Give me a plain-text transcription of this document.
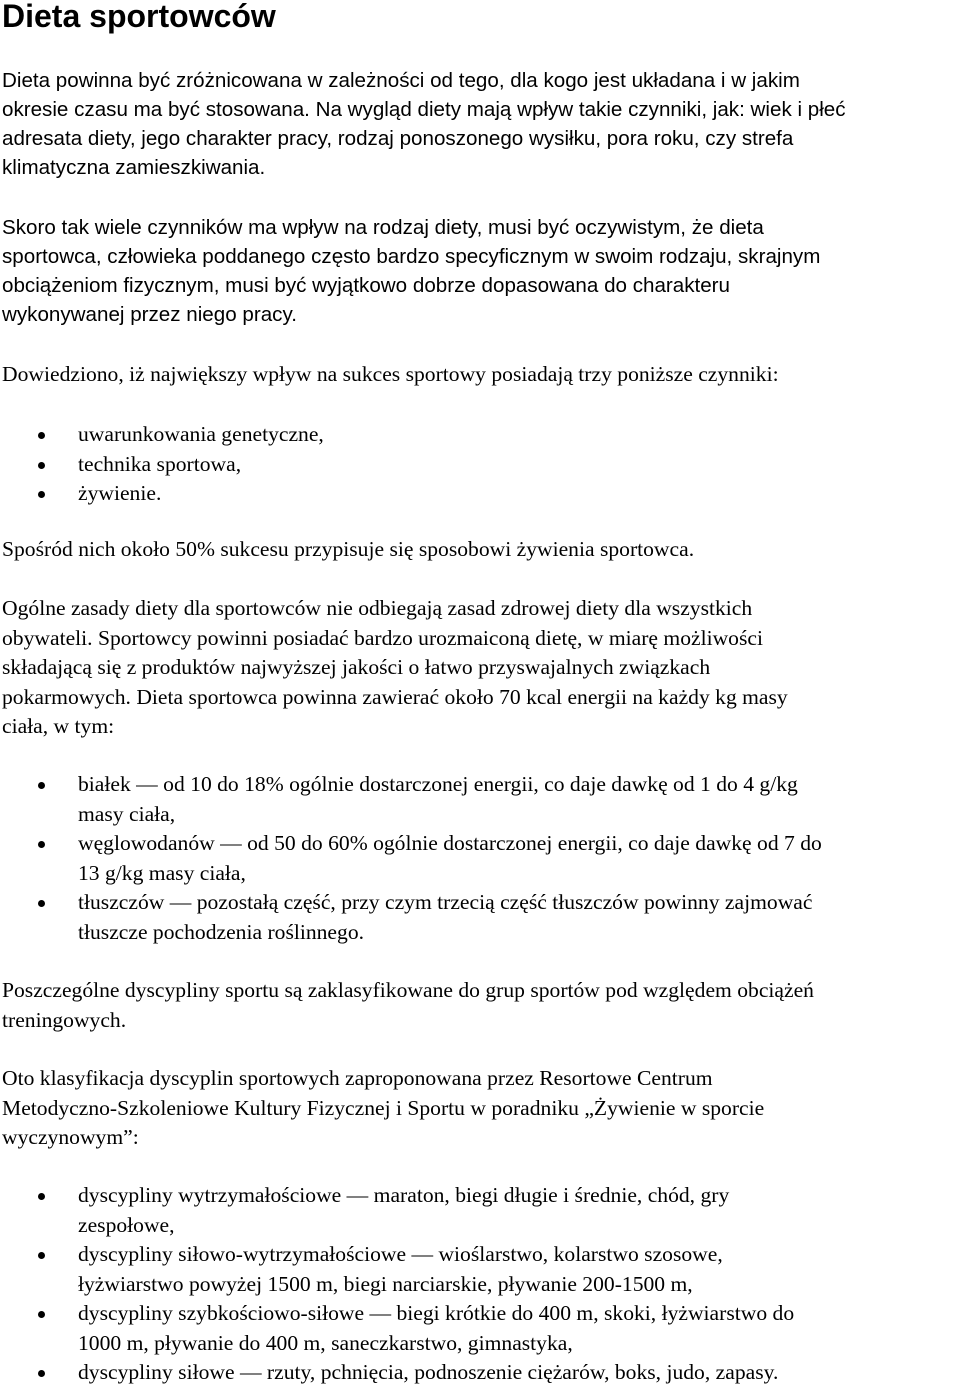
Dieta sportowców

Dieta powinna być zróżnicowana w zależności od tego, dla kogo jest układana i w jakim
okresie czasu ma być stosowana. Na wygląd diety mają wpływ takie czynniki, jak: wiek i płeć
adresata diety, jego charakter pracy, rodzaj ponoszonego wysiłku, pora roku, czy strefa
klimatyczna zamieszkiwania.

Skoro tak wiele czynników ma wpływ na rodzaj diety, musi być oczywistym, że dieta
sportowca, człowieka poddanego często bardzo specyficznym w swoim rodzaju, skrajnym
obciążeniom fizycznym, musi być wyjątkowo dobrze dopasowana do charakteru
wykonywanej przez niego pracy.

Dowiedziono, iż największy wpływ na sukces sportowy posiadają trzy poniższe czynniki:

uwarunkowania genetyczne,
technika sportowa,
żywienie.

Spośród nich około 50% sukcesu przypisuje się sposobowi żywienia sportowca.

Ogólne zasady diety dla sportowców nie odbiegają zasad zdrowej diety dla wszystkich
obywateli. Sportowcy powinni posiadać bardzo urozmaiconą dietę, w miarę możliwości
składającą się z produktów najwyższej jakości o łatwo przyswajalnych związkach
pokarmowych. Dieta sportowca powinna zawierać około 70 kcal energii na każdy kg masy
ciała, w tym:

białek — od 10 do 18% ogólnie dostarczonej energii, co daje dawkę od 1 do 4 g/kg
masy ciała,
węglowodanów — od 50 do 60% ogólnie dostarczonej energii, co daje dawkę od 7 do
13 g/kg masy ciała,
tłuszczów — pozostałą część, przy czym trzecią część tłuszczów powinny zajmować
tłuszcze pochodzenia roślinnego.

Poszczególne dyscypliny sportu są zaklasyfikowane do grup sportów pod względem obciążeń
treningowych.

Oto klasyfikacja dyscyplin sportowych zaproponowana przez Resortowe Centrum
Metodyczno-Szkoleniowe Kultury Fizycznej i Sportu w poradniku „Żywienie w sporcie
wyczynowym”:

dyscypliny wytrzymałościowe — maraton, biegi długie i średnie, chód, gry
zespołowe,
dyscypliny siłowo-wytrzymałościowe — wioślarstwo, kolarstwo szosowe,
łyżwiarstwo powyżej 1500 m, biegi narciarskie, pływanie 200-1500 m,
dyscypliny szybkościowo-siłowe — biegi krótkie do 400 m, skoki, łyżwiarstwo do
1000 m, pływanie do 400 m, saneczkarstwo, gimnastyka,
dyscypliny siłowe — rzuty, pchnięcia, podnoszenie ciężarów, boks, judo, zapasy.
